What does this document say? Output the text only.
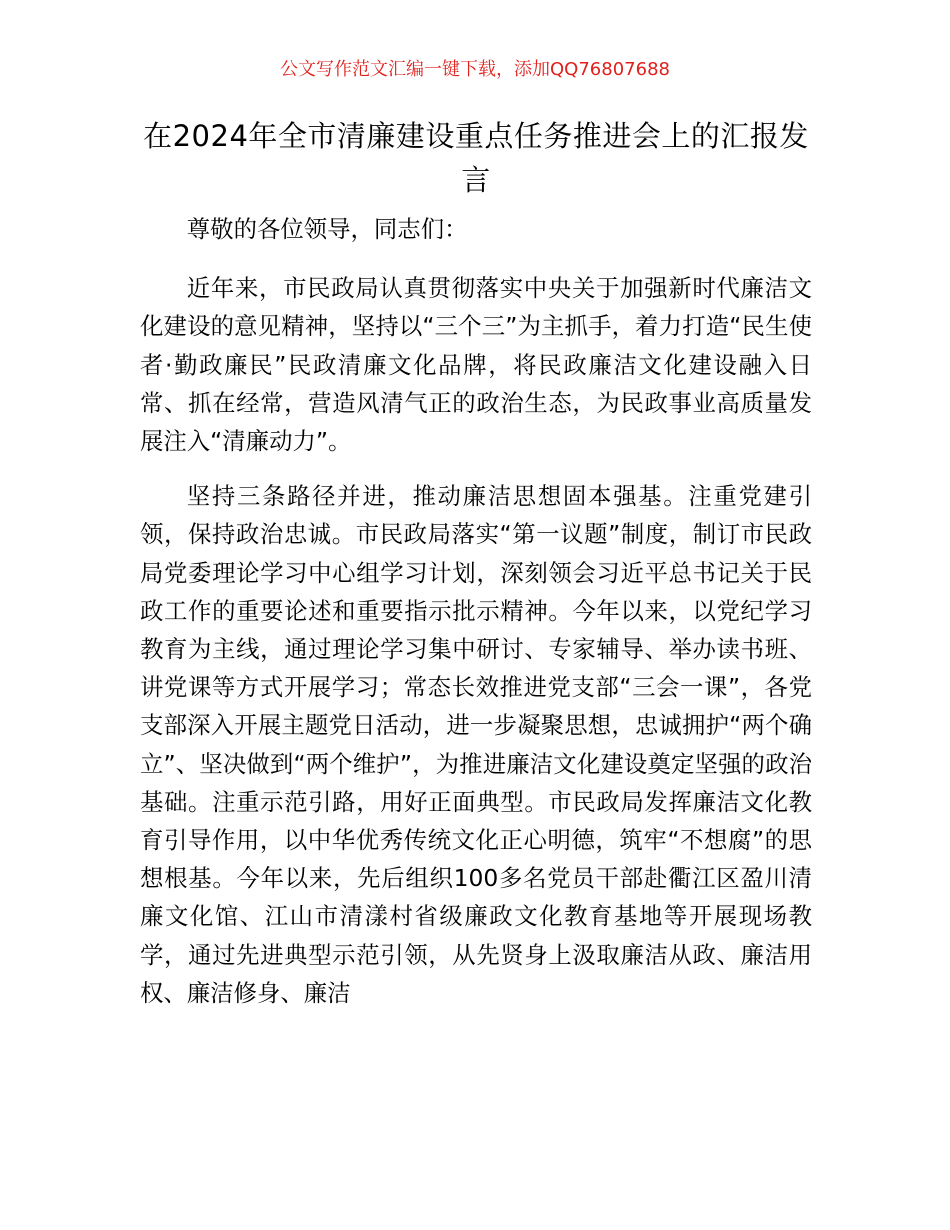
公文写作范文汇编一键下载，添加QQ76807688
在2024年全市清廉建设重点任务推进会上的汇报发言

尊敬的各位领导，同志们：

近年来，市民政局认真贯彻落实中央关于加强新时代廉洁文化建设的意见精神，坚持以“三个三”为主抓手，着力打造“民生使者·勤政廉民”民政清廉文化品牌，将民政廉洁文化建设融入日常、抓在经常，营造风清气正的政治生态，为民政事业高质量发展注入“清廉动力”。

坚持三条路径并进，推动廉洁思想固本强基。注重党建引领，保持政治忠诚。市民政局落实“第一议题”制度，制订市民政局党委理论学习中心组学习计划，深刻领会习近平总书记关于民政工作的重要论述和重要指示批示精神。今年以来，以党纪学习教育为主线，通过理论学习集中研讨、专家辅导、举办读书班、讲党课等方式开展学习；常态长效推进党支部“三会一课”，各党支部深入开展主题党日活动，进一步凝聚思想，忠诚拥护“两个确立”、坚决做到“两个维护”，为推进廉洁文化建设奠定坚强的政治基础。注重示范引路，用好正面典型。市民政局发挥廉洁文化教育引导作用，以中华优秀传统文化正心明德，筑牢“不想腐”的思想根基。今年以来，先后组织100多名党员干部赴衢江区盈川清廉文化馆、江山市清漾村省级廉政文化教育基地等开展现场教学，通过先进典型示范引领，从先贤身上汲取廉洁从政、廉洁用权、廉洁修身、廉洁
